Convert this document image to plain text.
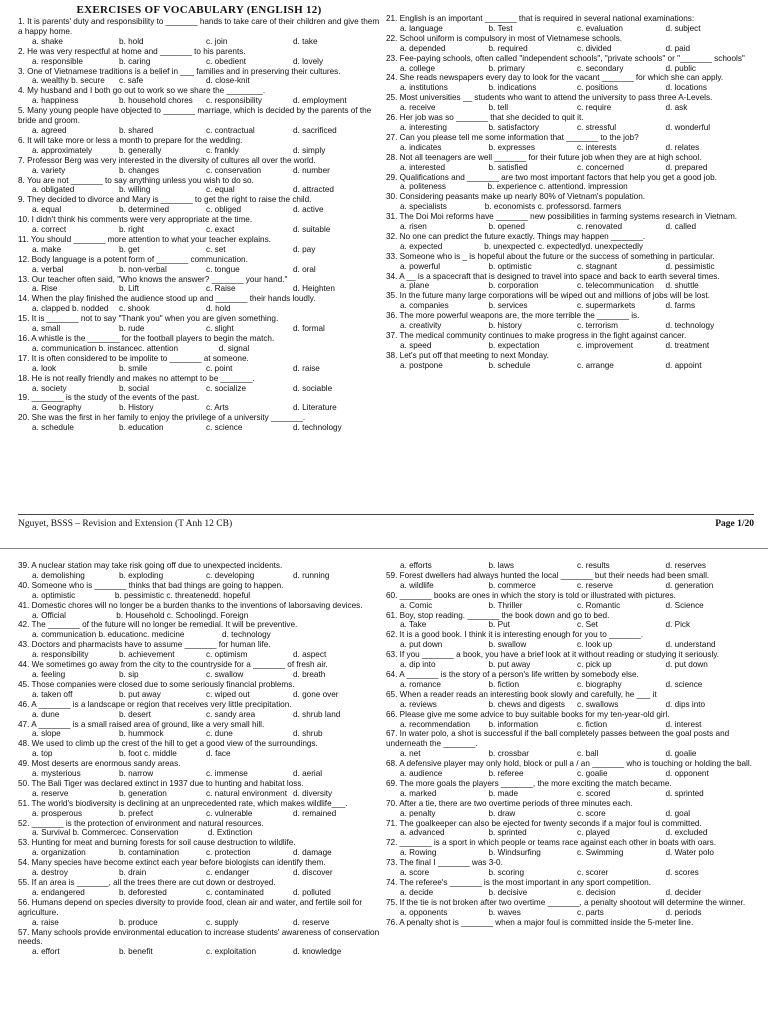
EXERCISES OF VOCABULARY (ENGLISH 12)
1. It is parents' duty and responsibility to _______ hands to take care of their children and give them a happy home.
a. shake	b. hold	c. join	d. take
2. He was very respectful at home and _______ to his parents.
a. responsible	b. caring	c. obedient	d. lovely
3. One of Vietnamese traditions is a belief in ___ families and in preserving their cultures.
a. wealthy b. secure	c. safe	d. close-knit
4. My husband and I both go out to work so we share the ________.
a. happiness	b. household chores	c. responsibility	d. employment
5. Many young people have objected to _______ marriage, which is decided by the parents of the bride and groom.
a. agreed	b. shared	c. contractual	d. sacrificed
6. It will take more or less a month to prepare for the wedding.
a. approximately	b. generally	c. frankly	d. simply
7. Professor Berg was very interested in the diversity of cultures all over the world.
a. variety	b. changes	c. conservation	d. number
8. You are not _______ to say anything unless you wish to do so.
a. obligated	b. willing	c. equal	d. attracted
9. They decided to divorce and Mary is _______ to get the right to raise the child.
a. equal	b. determined	c. obliged	d. active
10. I didn't think his comments were very appropriate at the time.
a. correct	b. right	c. exact	d. suitable
11. You should _______ more attention to what your teacher explains.
a. make	b. get	c. set	d. pay
12. Body language is a potent form of _______ communication.
a. verbal	b. non-verbal	c. tongue	d. oral
13. Our teacher often said, "Who knows the answer? _______ your hand."
a. Rise	b. Lift	c. Raise	d. Heighten
14. When the play finished the audience stood up and _______ their hands loudly.
a. clapped b. nodded	c. shook	d. hold
15. It is _______ not to say "Thank you" when you are given something.
a. small	b. rude	c. slight	d. formal
16. A whistle is the _______ for the football players to begin the match.
a. communication b. instance c. attention	d. signal
17. It is often considered to be impolite to _______ at someone.
a. look	b. smile	c. point	d. raise
18. He is not really friendly and makes no attempt to be _______.
a. society	b. social	c. socialize	d. sociable
19. _______ is the study of the events of the past.
a. Geography	b. History	c. Arts	d. Literature
20. She was the first in her family to enjoy the privilege of a university _______.
a. schedule	b. education	c. science	d. technology
21. English is an important _______ that is required in several national examinations:
a. language	b. Test	c. evaluation	d. subject
22. School uniform is compulsory in most of Vietnamese schools.
a. depended	b. required	c. divided	d. paid
23. Fee-paying schools, often called "independent schools", "private schools" or "_______ schools"
a. college	b. primary	c. secondary	d. public
24. She reads newspapers every day to look for the vacant _______ for which she can apply.
a. institutions	b. indications	c. positions	d. locations
25. Most universities __ students who want to attend the university to pass three A-Levels.
a. receive	b. tell	c. require	d. ask
26. Her job was so _______ that she decided to quit it.
a. interesting	b. satisfactory	c. stressful	d. wonderful
27. Can you please tell me some information that _______ to the job?
a. indicates	b. expresses	c. interests	d. relates
28. Not all teenagers are well _______ for their future job when they are at high school.
a. interested	b. satisfied	c. concerned	d. prepared
29. Qualifications and _______ are two most important factors that help you get a good job.
a. politeness	b. experience c. attention d. impression
30. Considering peasants make up nearly 80% of Vietnam's population.
a. specialists	b. economists c. professors d. farmers
31. The Doi Moi reforms have _______ new possibilities in farming systems research in Vietnam.
a. risen	b. opened	c. renovated	d. called
32. No one can predict the future exactly. Things may happen _______.
a. expected	b. unexpected c. expectedly d. unexpectedly
33. Someone who is _ is hopeful about the future or the success of something in particular.
a. powerful	b. optimistic	c. stagnant	d. pessimistic
34. A __ is a spacecraft that is designed to travel into space and back to earth several times.
a. plane	b. corporation	c. telecommunication	d. shuttle
35. In the future many large corporations will be wiped out and millions of jobs will be lost.
a. companies	b. services	c. supermarkets	d. farms
36. The more powerful weapons are, the more terrible the _______ is.
a. creativity	b. history	c. terrorism	d. technology
37. The medical community continues to make progress in the fight against cancer.
a. speed	b. expectation	c. improvement	d. treatment
38. Let's put off that meeting to next Monday.
a. postpone	b. schedule	c. arrange	d. appoint
Nguyet, BSSS – Revision and Extension (T Anh 12 CB)	Page 1/20
39. A nuclear station may take risk going off due to unexpected incidents.
a. demolishing	b. exploding	c. developing	d. running
40. Someone who is _______ thinks that bad things are going to happen.
a. optimistic	b. pessimistic c. threatened d. hopeful
41. Domestic chores will no longer be a burden thanks to the inventions of laborsaving devices.
a. Official	b. Household c. Schooling d. Foreign
42. The _______ of the future will no longer be remedial. It will be preventive.
a. communication b. education c. medicine	d. technology
43. Doctors and pharmacists have to assume _______ for human life.
a. responsibility	b. achievement	c. optimism	d. aspect
44. We sometimes go away from the city to the countryside for a _______ of fresh air.
a. feeling	b. sip	c. swallow	d. breath
45. Those companies were closed due to some seriously financial problems.
a. taken off	b. put away	c. wiped out	d. gone over
46. A _______ is a landscape or region that receives very little precipitation.
a. dune	b. desert	c. sandy area	d. shrub land
47. A _______ is a small raised area of ground, like a very small hill.
a. slope	b. hummock	c. dune	d. shrub
48. We used to climb up the crest of the hill to get a good view of the surroundings.
a. top	b. foot c. middle	d. face
49. Most deserts are enormous sandy areas.
a. mysterious	b. narrow	c. immense	d. aerial
50. The Bali Tiger was declared extinct in 1937 due to hunting and habitat loss.
a. reserve	b. generation	c. natural environment d. diversity
51. The world's biodiversity is declining at an unprecedented rate, which makes wildlife___.
a. prosperous	b. prefect	c. vulnerable	d. remained
52. _______ is the protection of environment and natural resources.
a. Survival b. Commerce c. Conservation	d. Extinction
53. Hunting for meat and burning forests for soil cause destruction to wildlife.
a. organization	b. contamination	c. protection	d. damage
54. Many species have become extinct each year before biologists can identify them.
a. destroy	b. drain	c. endanger	d. discover
55. If an area is _______, all the trees there are cut down or destroyed.
a. endangered	b. deforested	c. contaminated	d. polluted
56. Humans depend on species diversity to provide food, clean air and water, and fertile soil for agriculture.
a. raise	b. produce	c. supply	d. reserve
57. Many schools provide environmental education to increase students' awareness of conservation needs.
a. effort	b. benefit	c. exploitation	d. knowledge
a. efforts	b. laws	c. results	d. reserves
59. Forest dwellers had always hunted the local _______ but their needs had been small.
a. wildlife	b. commerce	c. reserve	d. generation
60. _______ books are ones in which the story is told or illustrated with pictures.
a. Comic	b. Thriller	c. Romantic	d. Science
61. Boy, stop reading. _______ the book down and go to bed.
a. Take	b. Put	c. Set	d. Pick
62. It is a good book. I think it is interesting enough for you to _______.
a. put down	b. swallow	c. look up	d. understand
63. If you _______ a book, you have a brief look at it without reading or studying it seriously.
a. dip into	b. put away	c. pick up	d. put down
64. A _______ is the story of a person's life written by somebody else.
a. romance	b. fiction	c. biography	d. science
65. When a reader reads an interesting book slowly and carefully, he ___ it
a. reviews	b. chews and digests	c. swallows	d. dips into
66. Please give me some advice to buy suitable books for my ten-year-old girl.
a. recommendation	b. information	c. fiction	d. interest
67. In water polo, a shot is successful if the ball completely passes between the goal posts and underneath the _______.
a. net	b. crossbar	c. ball	d. goalie
68. A defensive player may only hold, block or pull a / an _______ who is touching or holding the ball.
a. audience	b. referee	c. goalie	d. opponent
69. The more goals the players _______, the more exciting the match became.
a. marked	b. made	c. scored	d. sprinted
70. After a tie, there are two overtime periods of three minutes each.
a. penalty	b. draw	c. score	d. goal
71. The goalkeeper can also be ejected for twenty seconds if a major foul is committed.
a. advanced	b. sprinted	c. played	d. excluded
72. _______ is a sport in which people or teams race against each other in boats with oars.
a. Rowing	b. Windsurfing	c. Swimming	d. Water polo
73. The final I _______ was 3-0.
a. score	b. scoring	c. scorer	d. scores
74. The referee's _______ is the most important in any sport competition.
a. decide	b. decisive	c. decision	d. decider
75. If the tie is not broken after two overtime _______, a penalty shootout will determine the winner.
a. opponents	b. waves	c. parts	d. periods
76. A penalty shot is _______ when a major foul is committed inside the 5-meter line.
